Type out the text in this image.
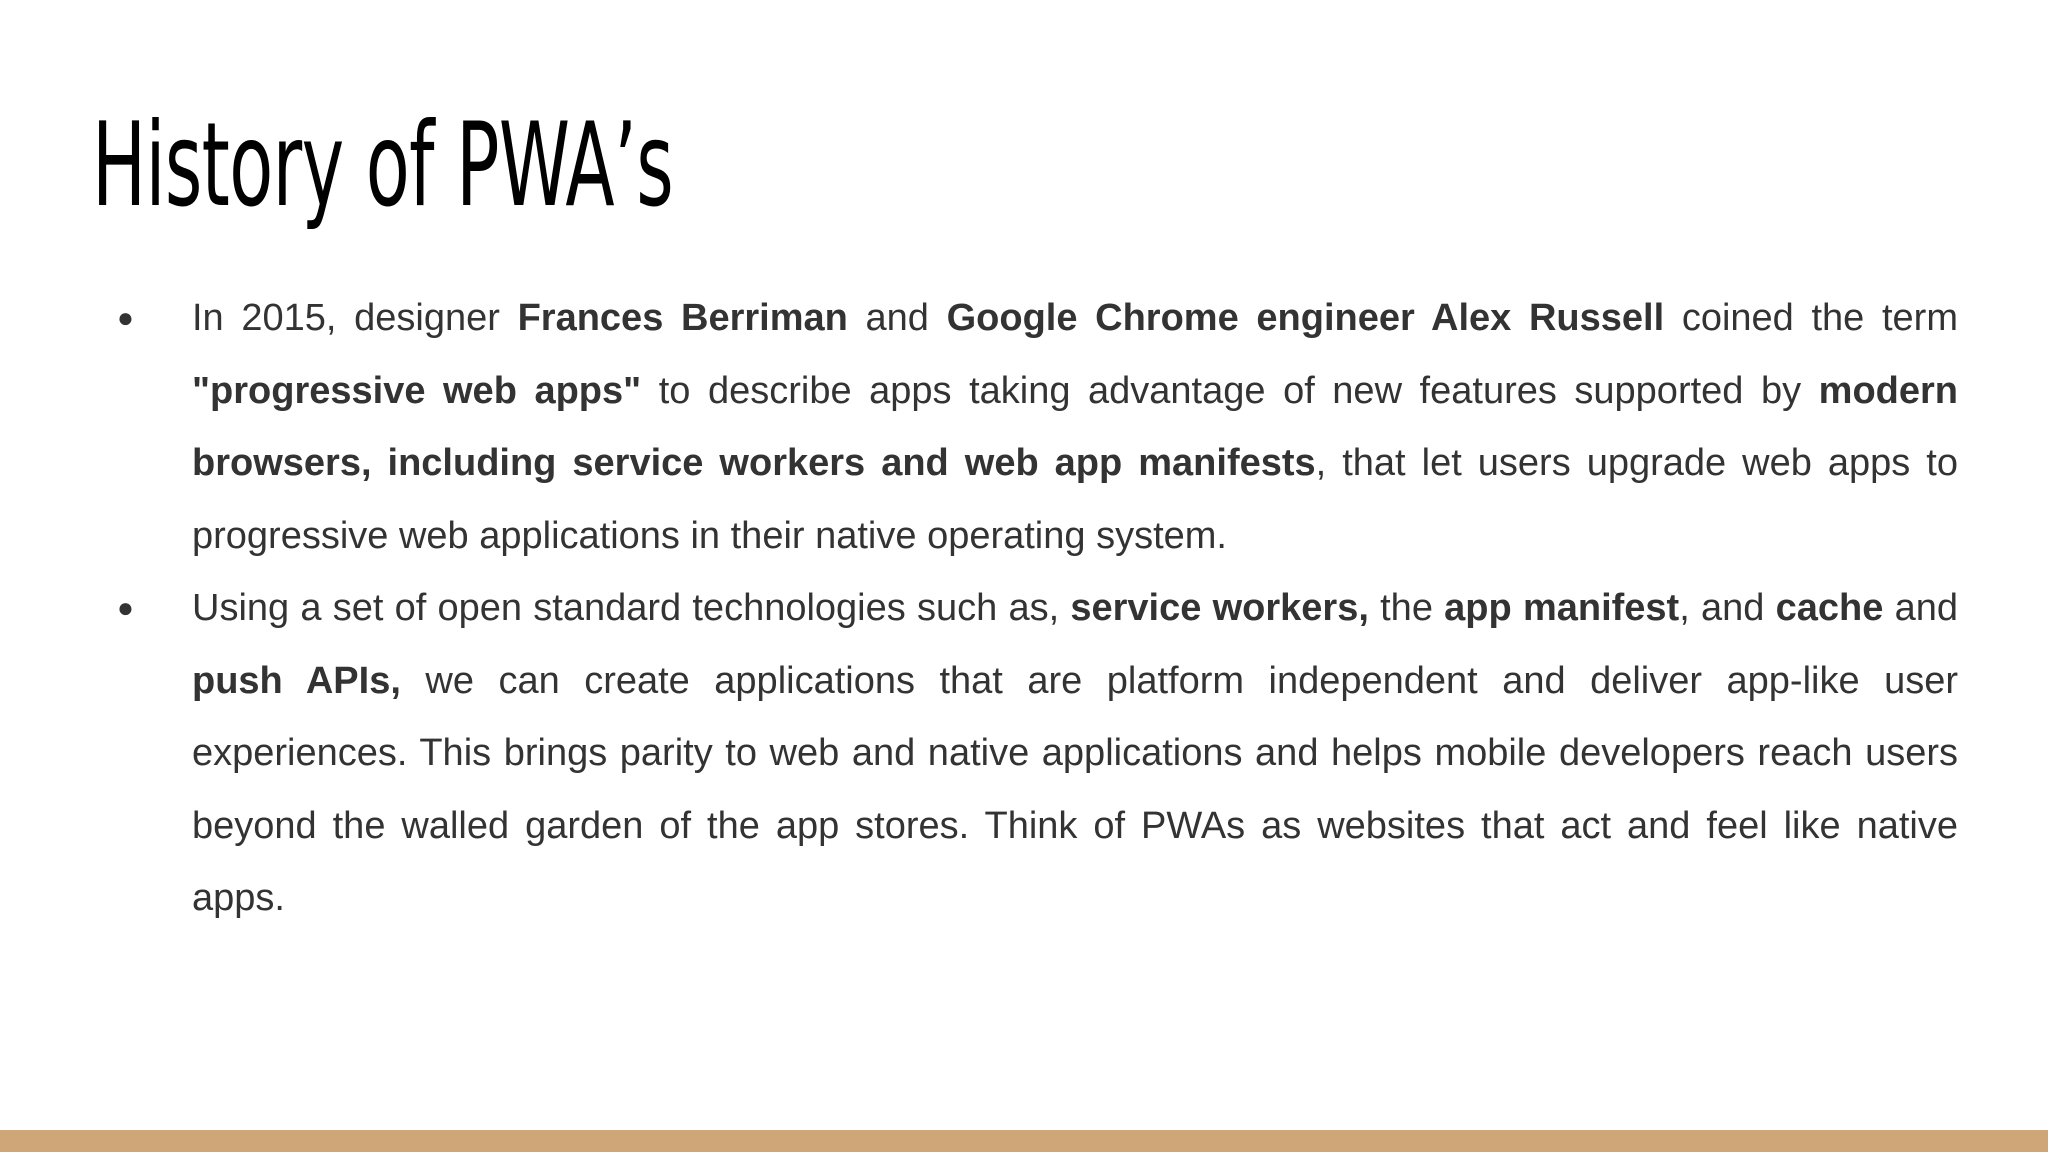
History of PWA’s
● In 2015, designer Frances Berriman and Google Chrome engineer Alex Russell coined the term "progressive web apps" to describe apps taking advantage of new features supported by modern browsers, including service workers and web app manifests, that let users upgrade web apps to progressive web applications in their native operating system.
● Using a set of open standard technologies such as, service workers, the app manifest, and cache and push APIs, we can create applications that are platform independent and deliver app-like user experiences. This brings parity to web and native applications and helps mobile developers reach users beyond the walled garden of the app stores. Think of PWAs as websites that act and feel like native apps.
